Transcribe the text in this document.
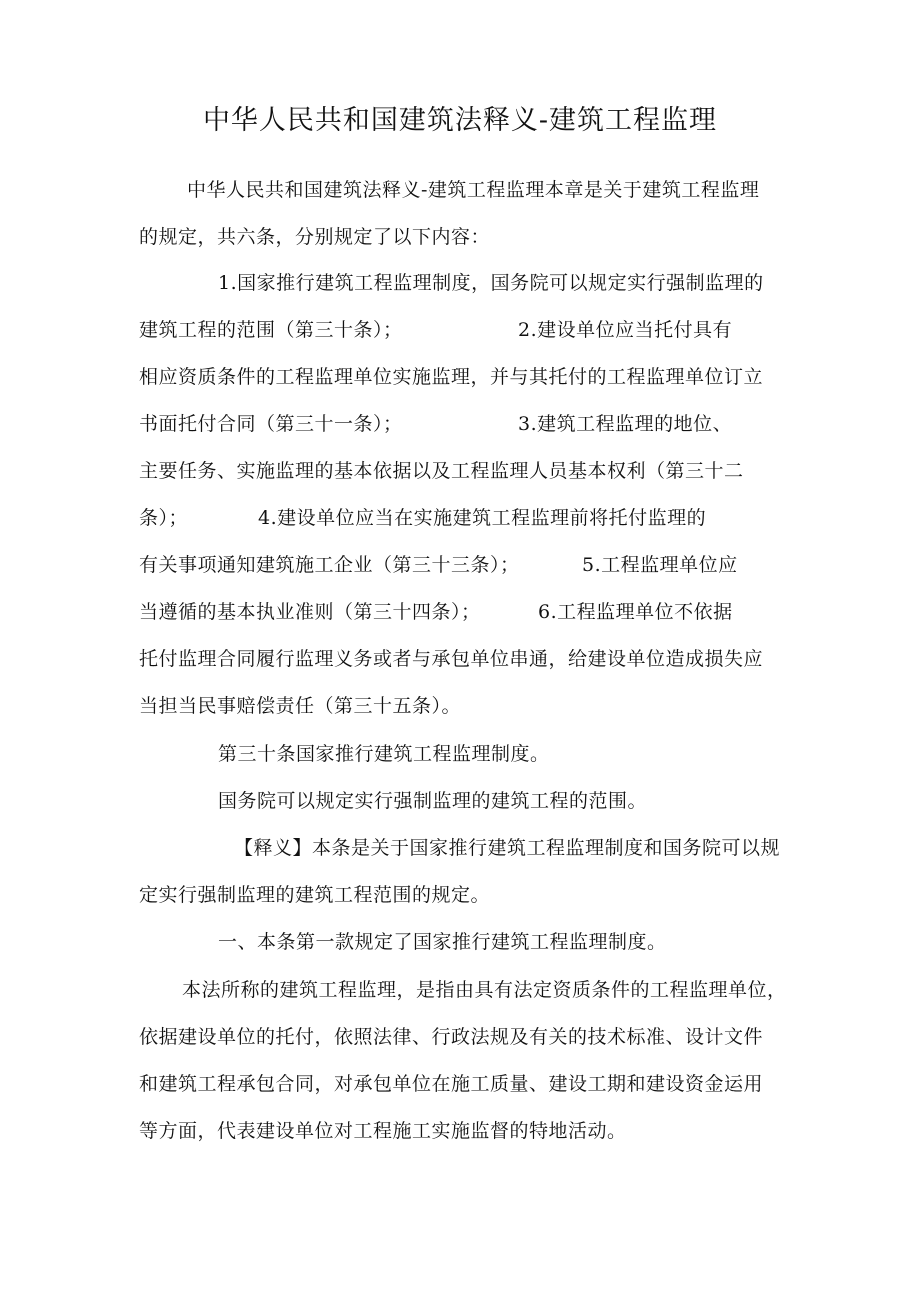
中华人民共和国建筑法释义-建筑工程监理
中华人民共和国建筑法释义-建筑工程监理本章是关于建筑工程监理
的规定，共六条，分别规定了以下内容：
1.国家推行建筑工程监理制度，国务院可以规定实行强制监理的
建筑工程的范围（第三十条）；	2.建设单位应当托付具有
相应资质条件的工程监理单位实施监理，并与其托付的工程监理单位订立
书面托付合同（第三十一条）；	3.建筑工程监理的地位、
主要任务、实施监理的基本依据以及工程监理人员基本权利（第三十二
条）；	4.建设单位应当在实施建筑工程监理前将托付监理的
有关事项通知建筑施工企业（第三十三条）；	5.工程监理单位应
当遵循的基本执业准则（第三十四条）；	6.工程监理单位不依据
托付监理合同履行监理义务或者与承包单位串通，给建设单位造成损失应
当担当民事赔偿责任（第三十五条）。
第三十条国家推行建筑工程监理制度。
国务院可以规定实行强制监理的建筑工程的范围。
【释义】本条是关于国家推行建筑工程监理制度和国务院可以规
定实行强制监理的建筑工程范围的规定。
一、本条第一款规定了国家推行建筑工程监理制度。
本法所称的建筑工程监理，是指由具有法定资质条件的工程监理单位，
依据建设单位的托付，依照法律、行政法规及有关的技术标准、设计文件
和建筑工程承包合同，对承包单位在施工质量、建设工期和建设资金运用
等方面，代表建设单位对工程施工实施监督的特地活动。
